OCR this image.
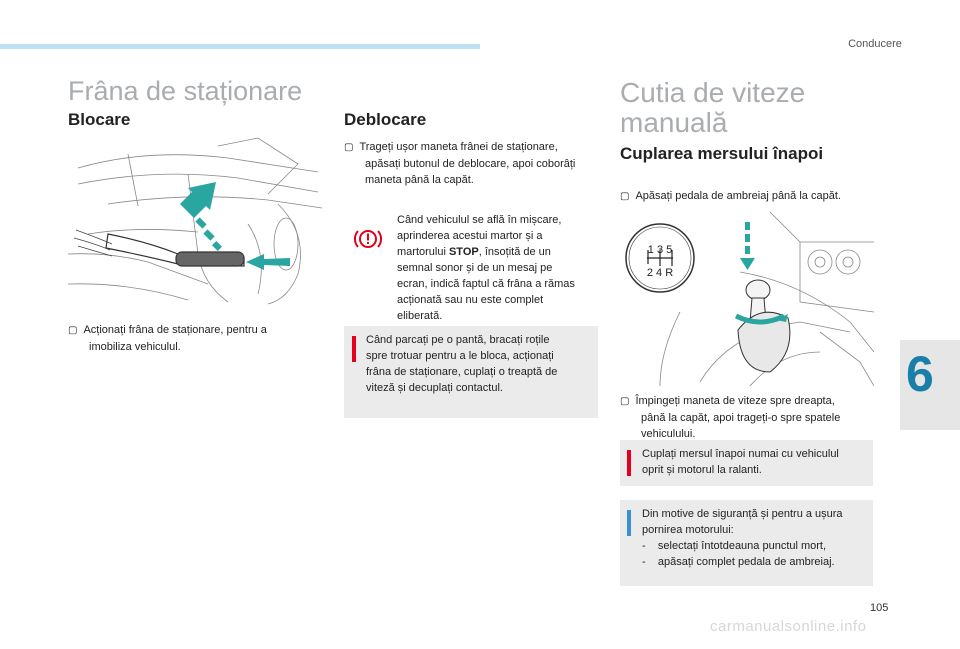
Conducere
Frâna de staționare
Blocare
▢ Acționați frâna de staționare, pentru a
imobiliza vehiculul.
Deblocare
▢ Trageți ușor maneta frânei de staționare,
apăsați butonul de deblocare, apoi coborâți
maneta până la capăt.
Când vehiculul se află în mișcare,
aprinderea acestui martor și a
martorului STOP, însoțită de un
semnal sonor și de un mesaj pe
ecran, indică faptul că frâna a rămas
acționată sau nu este complet
eliberată.
Când parcați pe o pantă, bracați roțile
spre trotuar pentru a le bloca, acționați
frâna de staționare, cuplați o treaptă de
viteză și decuplați contactul.
Cutia de viteze
manuală
Cuplarea mersului înapoi
▢ Apăsați pedala de ambreiaj până la capăt.
1 3 5
2 4 R
▢ Împingeți maneta de viteze spre dreapta,
până la capăt, apoi trageți-o spre spatele
vehiculului.
Cuplați mersul înapoi numai cu vehiculul
oprit și motorul la ralanti.
Din motive de siguranță și pentru a ușura
pornirea motorului:
-    selectați întotdeauna punctul mort,
-    apăsați complet pedala de ambreiaj.
6
105
carmanualsonline.info
